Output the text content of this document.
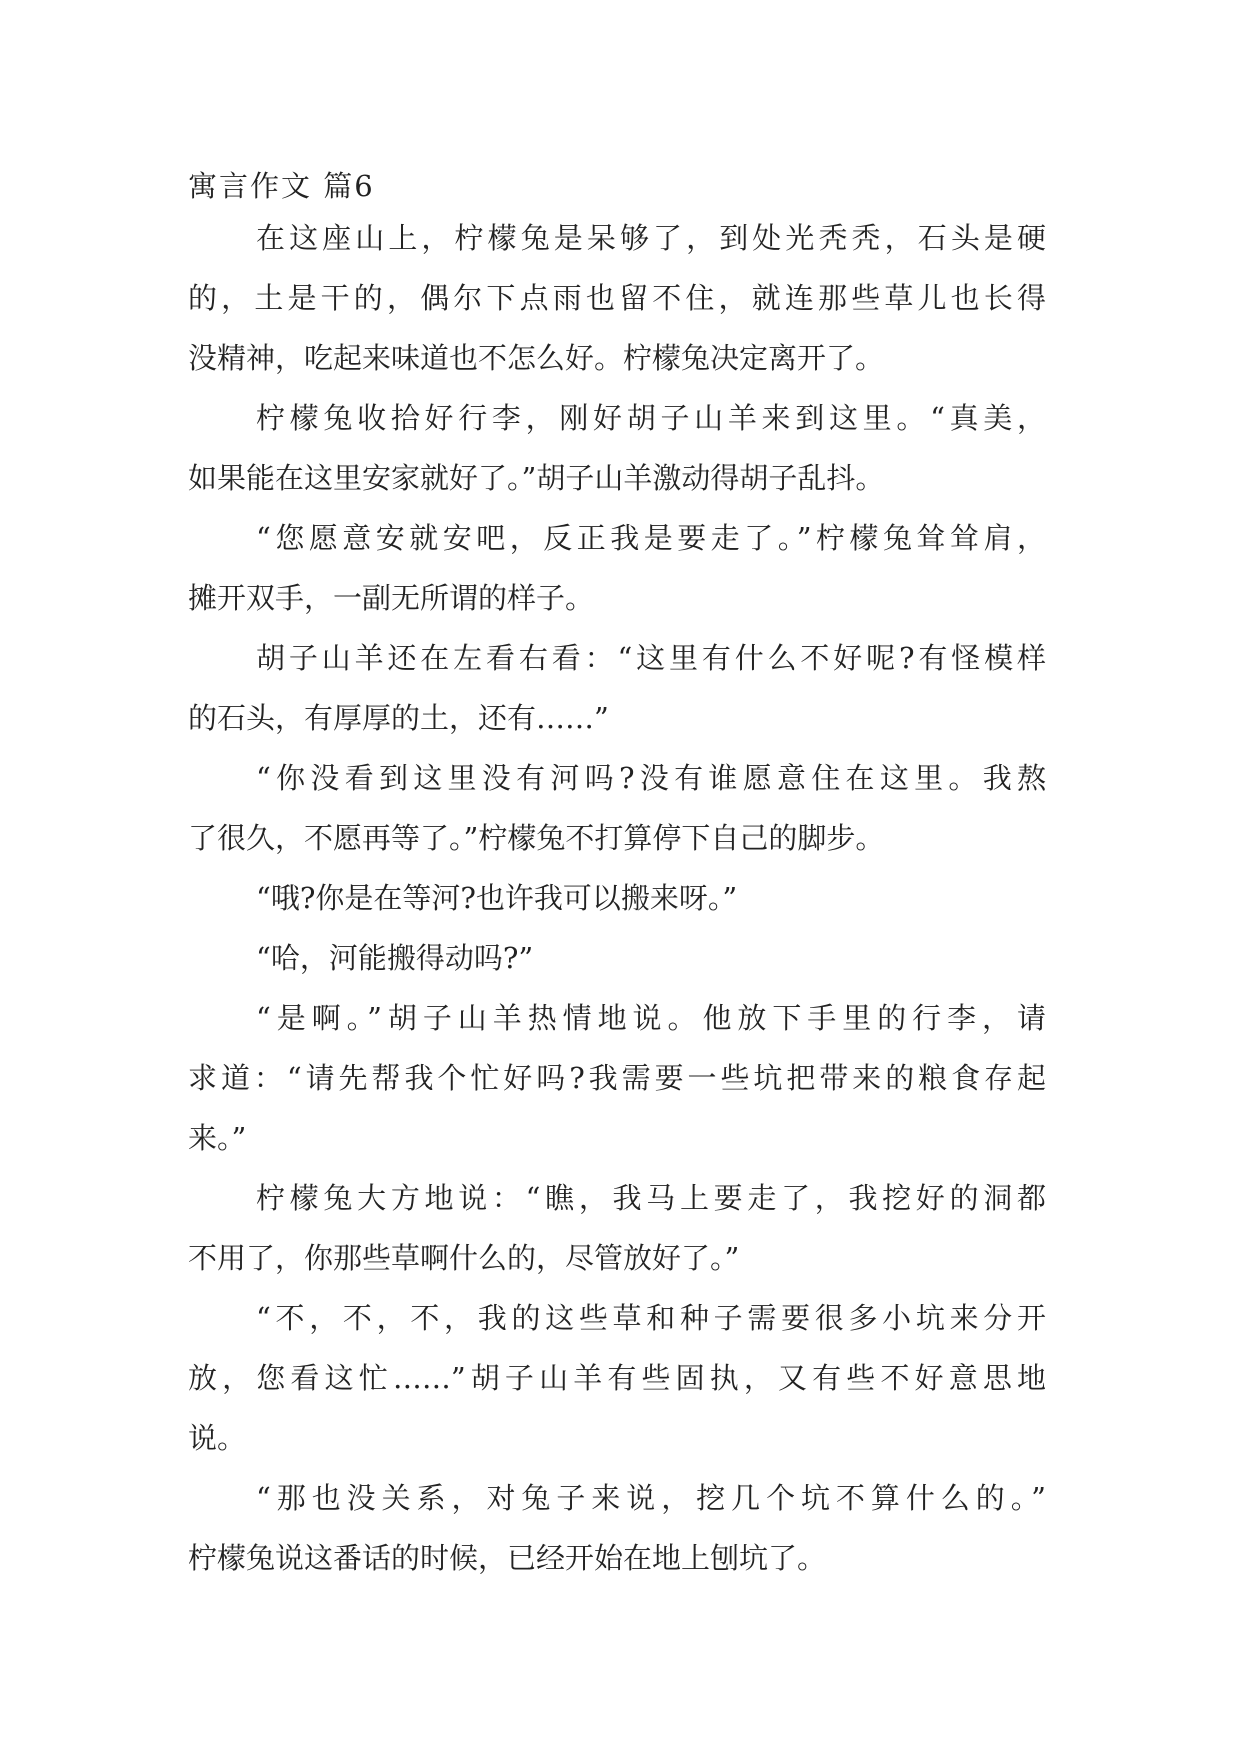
寓言作文 篇6
在这座山上，柠檬兔是呆够了，到处光秃秃，石头是硬
的，土是干的，偶尔下点雨也留不住，就连那些草儿也长得
没精神，吃起来味道也不怎么好。柠檬兔决定离开了。
柠檬兔收拾好行李，刚好胡子山羊来到这里。“真美，
如果能在这里安家就好了。”胡子山羊激动得胡子乱抖。
“您愿意安就安吧，反正我是要走了。”柠檬兔耸耸肩，
摊开双手，一副无所谓的样子。
胡子山羊还在左看右看：“这里有什么不好呢?有怪模样
的石头，有厚厚的土，还有……”
“你没看到这里没有河吗?没有谁愿意住在这里。我熬
了很久，不愿再等了。”柠檬兔不打算停下自己的脚步。
“哦?你是在等河?也许我可以搬来呀。”
“哈，河能搬得动吗?”
“是啊。”胡子山羊热情地说。他放下手里的行李，请
求道：“请先帮我个忙好吗?我需要一些坑把带来的粮食存起
来。”
柠檬兔大方地说：“瞧，我马上要走了，我挖好的洞都
不用了，你那些草啊什么的，尽管放好了。”
“不，不，不，我的这些草和种子需要很多小坑来分开
放，您看这忙……”胡子山羊有些固执，又有些不好意思地
说。
“那也没关系，对兔子来说，挖几个坑不算什么的。”
柠檬兔说这番话的时候，已经开始在地上刨坑了。
